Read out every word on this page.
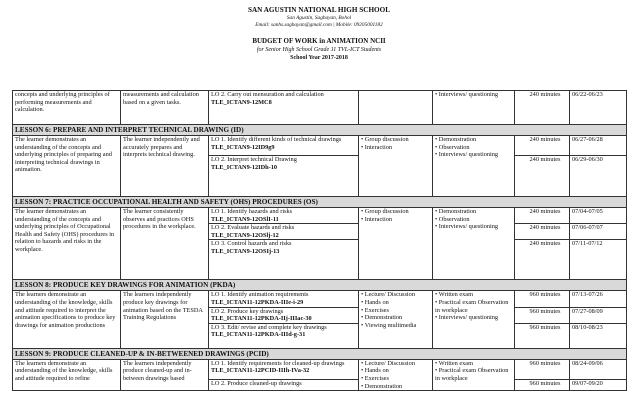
SAN AGUSTIN NATIONAL HIGH SCHOOL
San Agustin, Sagbayan, Bohol
Email: sanhs.sagbayan@gmail.com | Mobile: 09205001182
BUDGET OF WORK in ANIMATION NCII
for Senior High School Grade 11 TVL-ICT Students
School Year 2017-2018
concepts and underlying principles of performing measurements and calculation.	measurements and calculation based on a given tasks.	LO 2. Carry out mensuration and calculation
TLE_ICTAN9-12MC8		• Interviews/ questioning	240 minutes	06/22-06/23
LESSON 6: PREPARE AND INTERPRET TECHNICAL DRAWING (ID)						
The learner demonstrates an understanding of the concepts and underlying principles of preparing and interpreting technical drawings in animation.	The learner independently and accurately prepares and interprets technical drawing.	LO 1. Identify different kinds of technical drawings
TLE_ICTAN9-12ID9g9	• Group discussion
• Interaction	• Demonstration
• Observation
• Interviews/ questioning	240 minutes	06/27-06/28
		LO 2. Interpret technical Drawing
TLE_ICTAN9-12IDh-10			240 minutes	06/29-06/30
LESSON 7: PRACTICE OCCUPATIONAL HEALTH AND SAFETY (OHS) PROCEDURES (OS)						
The learner demonstrates an understanding of the concepts and underlying principles of Occupational Health and Safety (OHS) procedures in relation to hazards and risks in the workplace.	The learner consistently observes and practices OHS procedures in the workplace.	LO 1. Identify hazards and risks
TLE_ICTAN9-12OSlI-11	• Group discussion
• Interaction	• Demonstration
• Observation
• Interviews/ questioning	240 minutes	07/04-07/05
		LO 2. Evaluate hazards and risks
TLE_ICTAN9-12OSlj-12			240 minutes	07/06-07/07
		LO 3. Control hazards and risks
TLE_ICTAN9-12OSIj-13			240 minutes	07/11-07/12
LESSON 8: PRODUCE KEY DRAWINGS FOR ANIMATION (PKDA)						
The learners demonstrate an understanding of the knowledge, skills and attitude required to interpret the animation specifications to produce key drawings for animation productions	The learners independently produce key drawings for animation based on the TESDA Training Regulations	LO 1. Identify animation requirements
TLE_ICTAN11-12PKDA-IIIe-i-29	• Lecture/ Discussion
• Hands on
• Exercises
• Demonstration
• Viewing multimedia	• Written exam
• Practical exam Observation in workplace
• Interviews/ questioning	960 minutes	07/13-07/26
		LO 2. Produce key drawings
TLE_ICTAN11-12PKDA-IIj-IIIac-30			960 minutes	07/27-08/09
		LO 3. Edit/ revise and complete key drawings
TLE_ICTAN11-12PKDA-IIId-g-31			960 minutes	08/10-08/23
LESSON 9: PRODUCE CLEANED-UP & IN-BETWEENED DRAWINGS (PCID)						
The learners demonstrate an understanding of the knowledge, skills and attitude required to refine	The learners independently produce cleaned-up and in-between drawings based	LO 1. Identify requirements for cleaned-up drawings
TLE_ICTAN11-12PCID-IIIh-IVa-32	• Lecture/ Discussion
• Hands on
• Exercises
• Demonstration	• Written exam
• Practical exam Observation in workplace	960 minutes	08/24-09/06
		LO 2. Produce cleaned-up drawings			960 minutes	09/07-09/20
